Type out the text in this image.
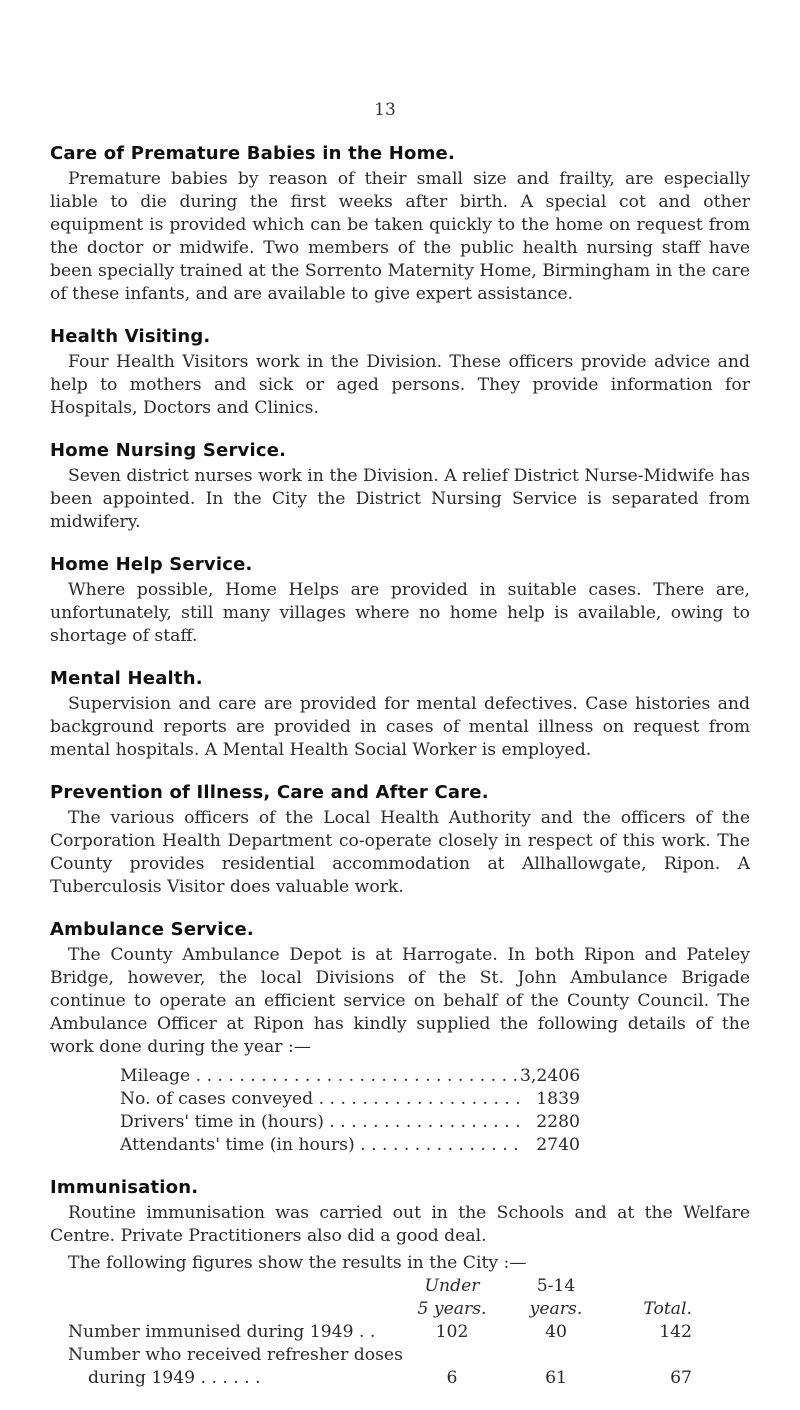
13
Care of Premature Babies in the Home.

Premature babies by reason of their small size and frailty, are especially liable to die during the first weeks after birth. A special cot and other equipment is provided which can be taken quickly to the home on request from the doctor or midwife. Two members of the public health nursing staff have been specially trained at the Sorrento Maternity Home, Birmingham in the care of these infants, and are available to give expert assistance.

Health Visiting.

Four Health Visitors work in the Division. These officers provide advice and help to mothers and sick or aged persons. They provide information for Hospitals, Doctors and Clinics.

Home Nursing Service.

Seven district nurses work in the Division. A relief District Nurse-Midwife has been appointed. In the City the District Nursing Service is separated from midwifery.

Home Help Service.

Where possible, Home Helps are provided in suitable cases. There are, unfortunately, still many villages where no home help is available, owing to shortage of staff.

Mental Health.

Supervision and care are provided for mental defectives. Case histories and background reports are provided in cases of mental illness on request from mental hospitals. A Mental Health Social Worker is employed.

Prevention of Illness, Care and After Care.

The various officers of the Local Health Authority and the officers of the Corporation Health Department co-operate closely in respect of this work. The County provides residential accommodation at Allhallowgate, Ripon. A Tuberculosis Visitor does valuable work.

Ambulance Service.

The County Ambulance Depot is at Harrogate. In both Ripon and Pateley Bridge, however, the local Divisions of the St. John Ambulance Brigade continue to operate an efficient service on behalf of the County Council. The Ambulance Officer at Ripon has kindly supplied the following details of the work done during the year :—

Mileage . . .	3,2406
No. of cases conveyed . . .	1839
Drivers' time in (hours) . . .	2280
Attendants' time (in hours) . . .	2740
Immunisation.

Routine immunisation was carried out in the Schools and at the Welfare Centre. Private Practitioners also did a good deal.

The following figures show the results in the City :—
Under	5-14
5 years.	years.	Total.
Number immunised during 1949 . .	102	40	142
Number who received refresher doses
during 1949 . . . . . .	6	61	67
